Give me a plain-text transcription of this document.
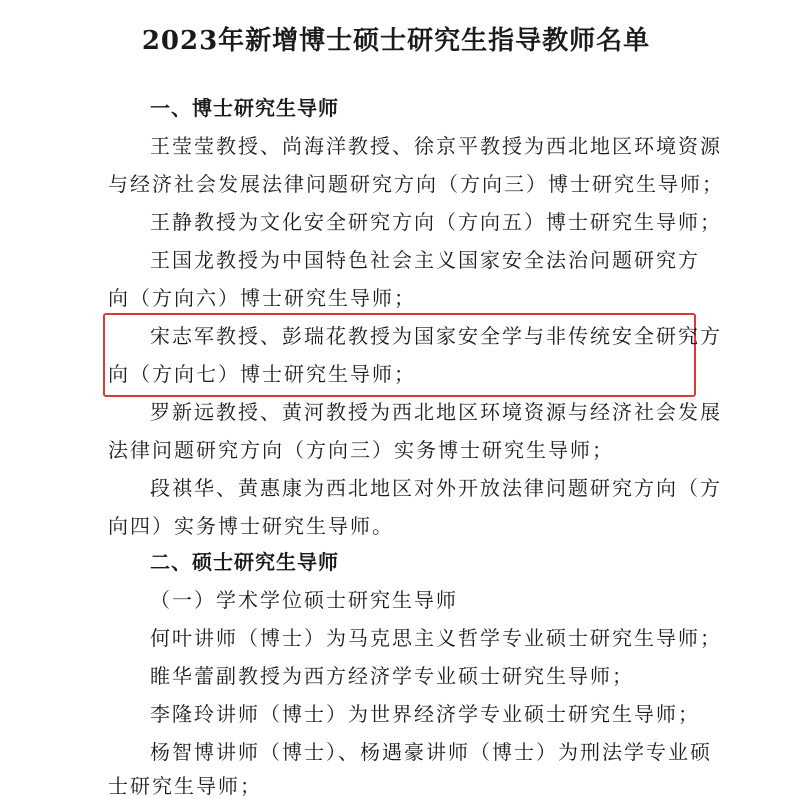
2023年新增博士硕士研究生指导教师名单
一、博士研究生导师
王莹莹教授、尚海洋教授、徐京平教授为西北地区环境资源
与经济社会发展法律问题研究方向（方向三）博士研究生导师；
王静教授为文化安全研究方向（方向五）博士研究生导师；
王国龙教授为中国特色社会主义国家安全法治问题研究方
向（方向六）博士研究生导师；
宋志军教授、彭瑞花教授为国家安全学与非传统安全研究方
向（方向七）博士研究生导师；
罗新远教授、黄河教授为西北地区环境资源与经济社会发展
法律问题研究方向（方向三）实务博士研究生导师；
段祺华、黄惠康为西北地区对外开放法律问题研究方向（方
向四）实务博士研究生导师。
二、硕士研究生导师
（一）学术学位硕士研究生导师
何叶讲师（博士）为马克思主义哲学专业硕士研究生导师；
睢华蕾副教授为西方经济学专业硕士研究生导师；
李隆玲讲师（博士）为世界经济学专业硕士研究生导师；
杨智博讲师（博士）、杨遇豪讲师（博士）为刑法学专业硕
士研究生导师；
